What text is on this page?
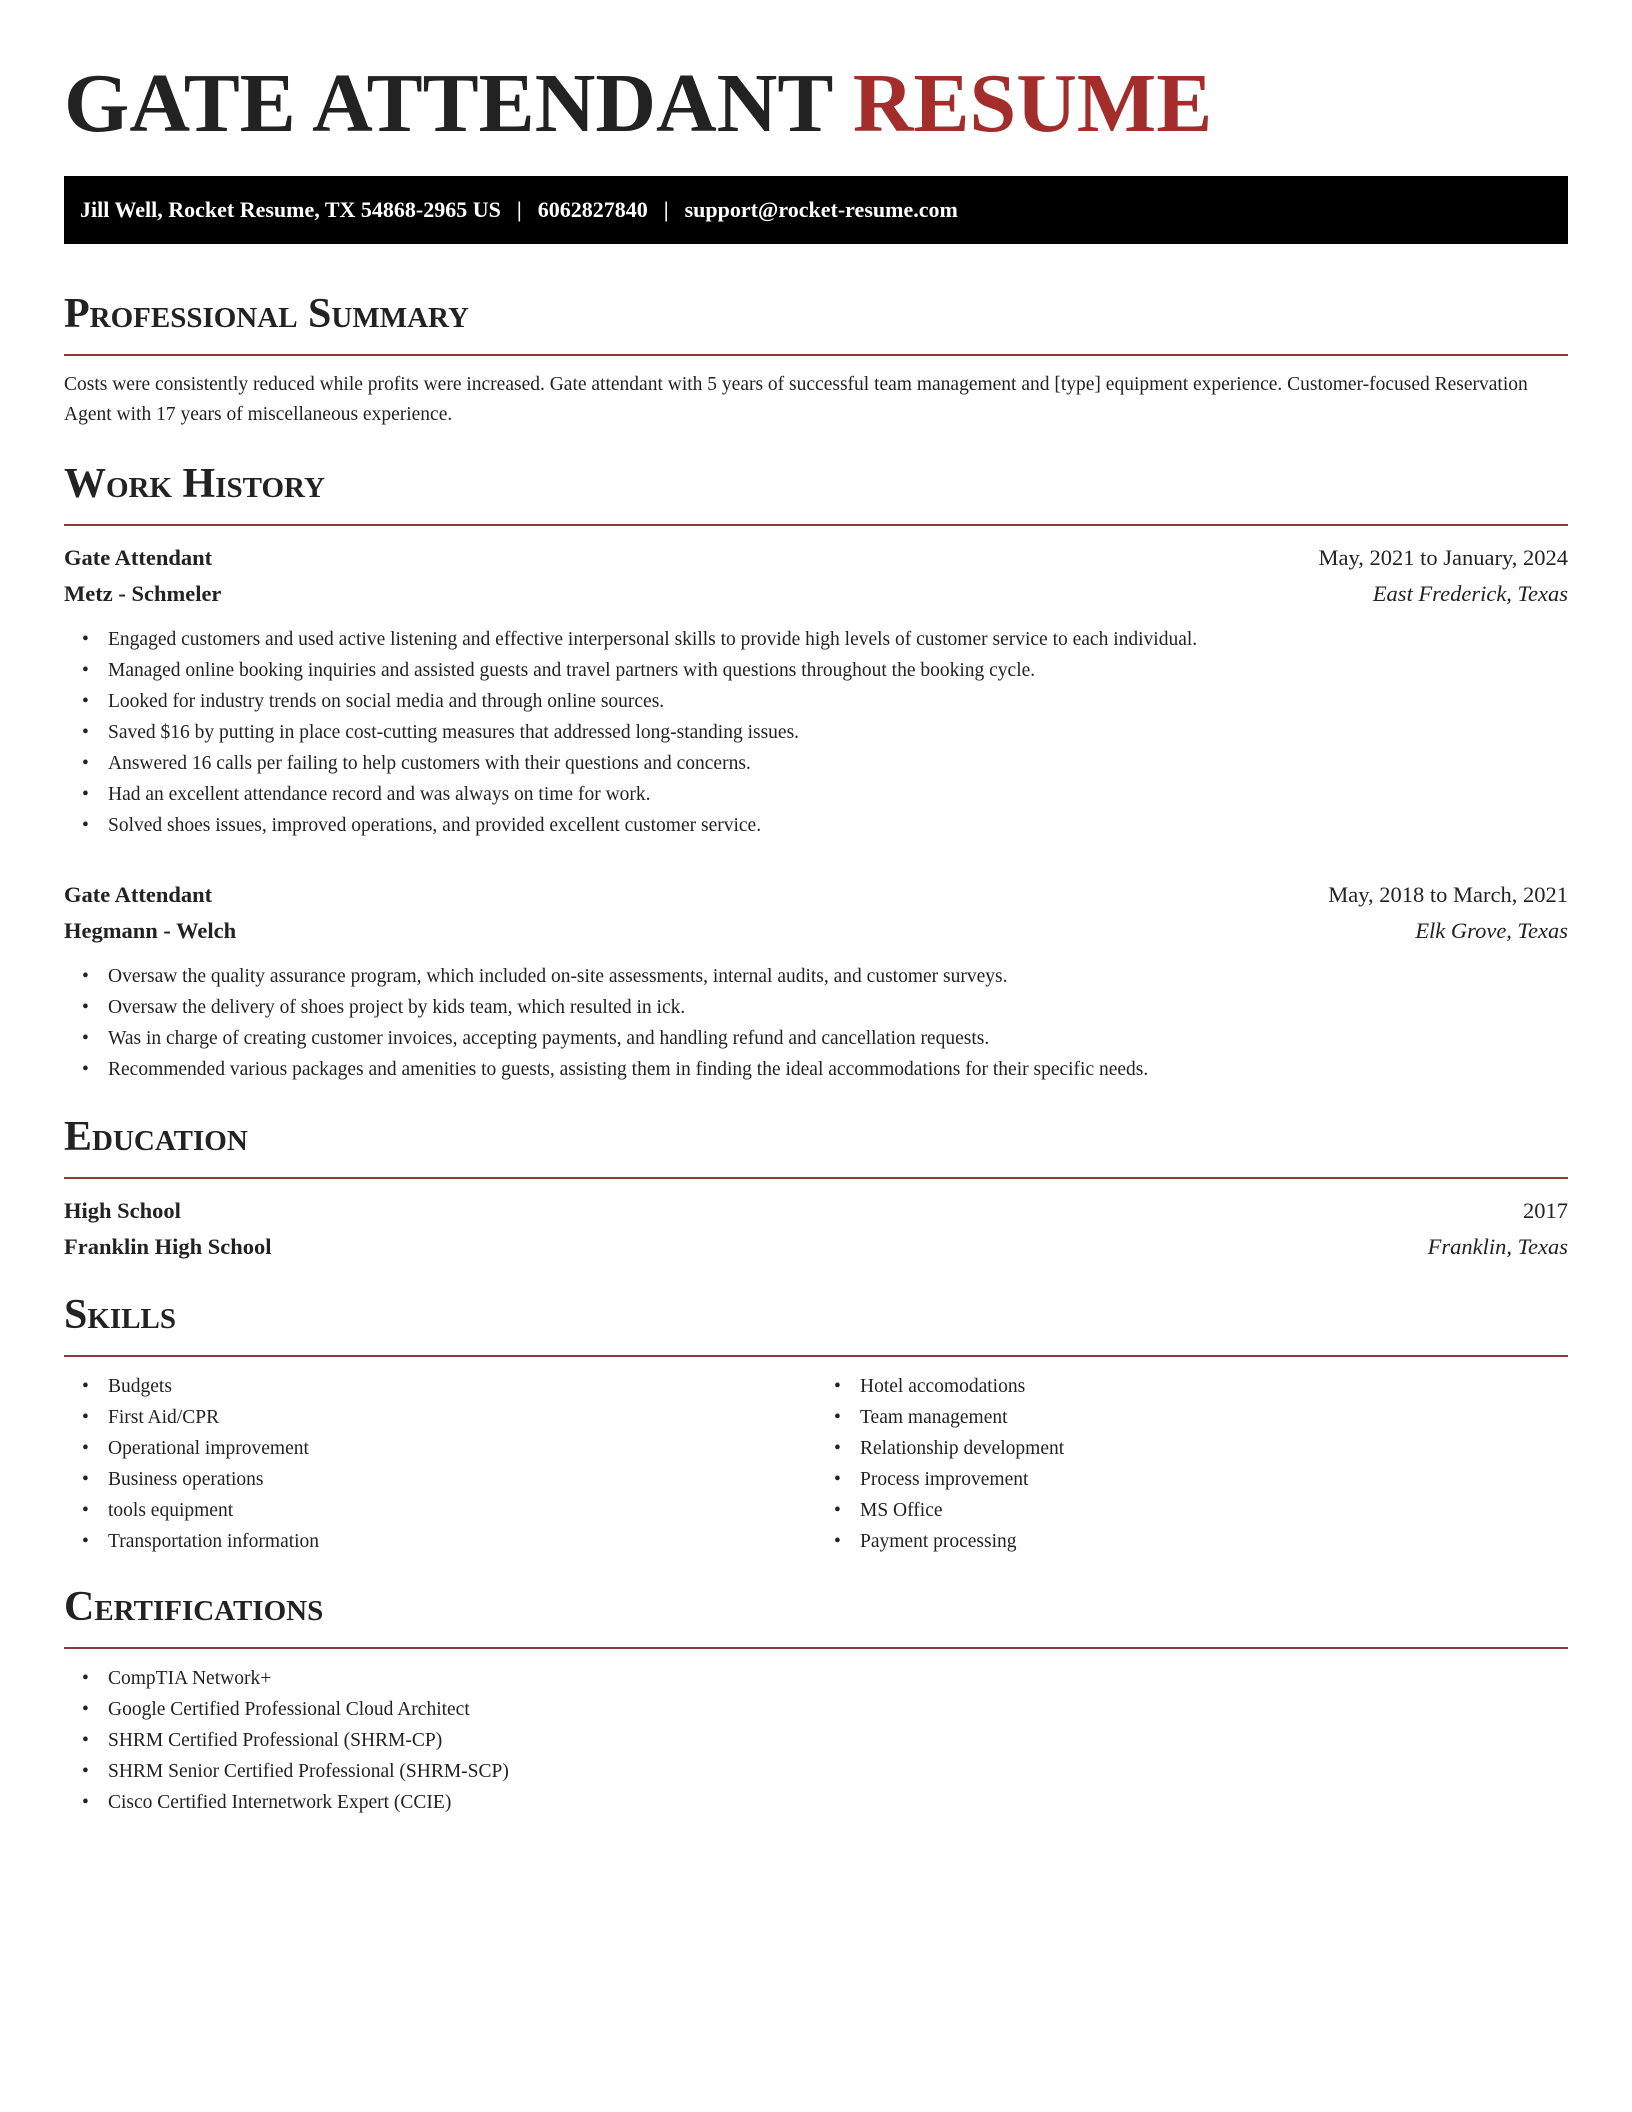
GATE ATTENDANT RESUME
Jill Well, Rocket Resume, TX 54868-2965 US | 6062827840 | support@rocket-resume.com
Professional Summary

Costs were consistently reduced while profits were increased. Gate attendant with 5 years of successful team management and [type] equipment experience. Customer-focused Reservation Agent with 17 years of miscellaneous experience.

Work History
Gate Attendant	May, 2021 to January, 2024
Metz - Schmeler	East Frederick, Texas
• Engaged customers and used active listening and effective interpersonal skills to provide high levels of customer service to each individual.
• Managed online booking inquiries and assisted guests and travel partners with questions throughout the booking cycle.
• Looked for industry trends on social media and through online sources.
• Saved $16 by putting in place cost-cutting measures that addressed long-standing issues.
• Answered 16 calls per failing to help customers with their questions and concerns.
• Had an excellent attendance record and was always on time for work.
• Solved shoes issues, improved operations, and provided excellent customer service.
Gate Attendant	May, 2018 to March, 2021
Hegmann - Welch	Elk Grove, Texas
• Oversaw the quality assurance program, which included on-site assessments, internal audits, and customer surveys.
• Oversaw the delivery of shoes project by kids team, which resulted in ick.
• Was in charge of creating customer invoices, accepting payments, and handling refund and cancellation requests.
• Recommended various packages and amenities to guests, assisting them in finding the ideal accommodations for their specific needs.
Education
High School	2017
Franklin High School	Franklin, Texas
Skills
• Budgets
• First Aid/CPR
• Operational improvement
• Business operations
• tools equipment
• Transportation information
• Hotel accomodations
• Team management
• Relationship development
• Process improvement
• MS Office
• Payment processing
Certifications
• CompTIA Network+
• Google Certified Professional Cloud Architect
• SHRM Certified Professional (SHRM-CP)
• SHRM Senior Certified Professional (SHRM-SCP)
• Cisco Certified Internetwork Expert (CCIE)
